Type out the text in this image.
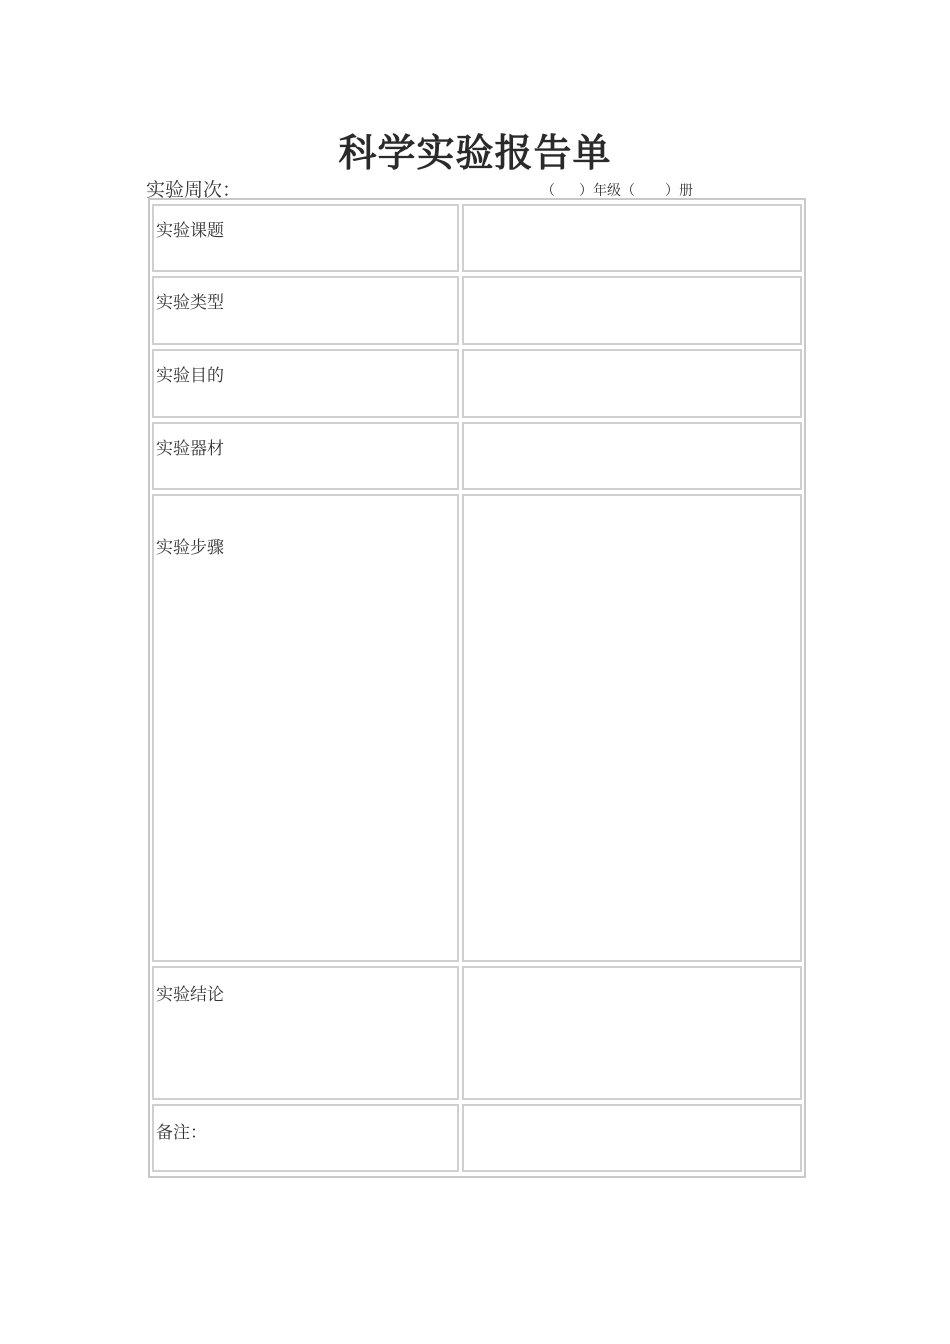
科学实验报告单
实验周次：	（ ）年级（ ）册
实验课题
实验类型
实验目的
实验器材
实验步骤
实验结论
备注：
